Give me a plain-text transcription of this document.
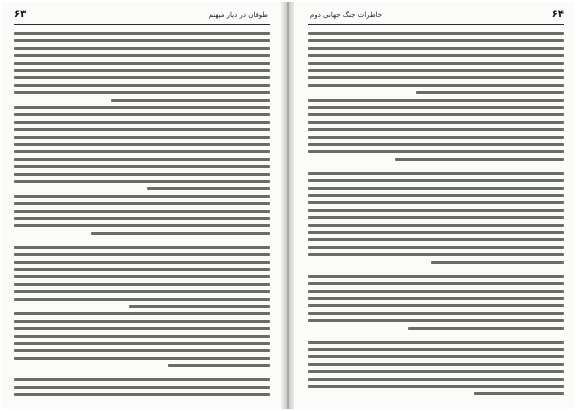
۶۳	طوفان در دیار میهنم	۶۴
خاطرات جنگ جهانی دوم
